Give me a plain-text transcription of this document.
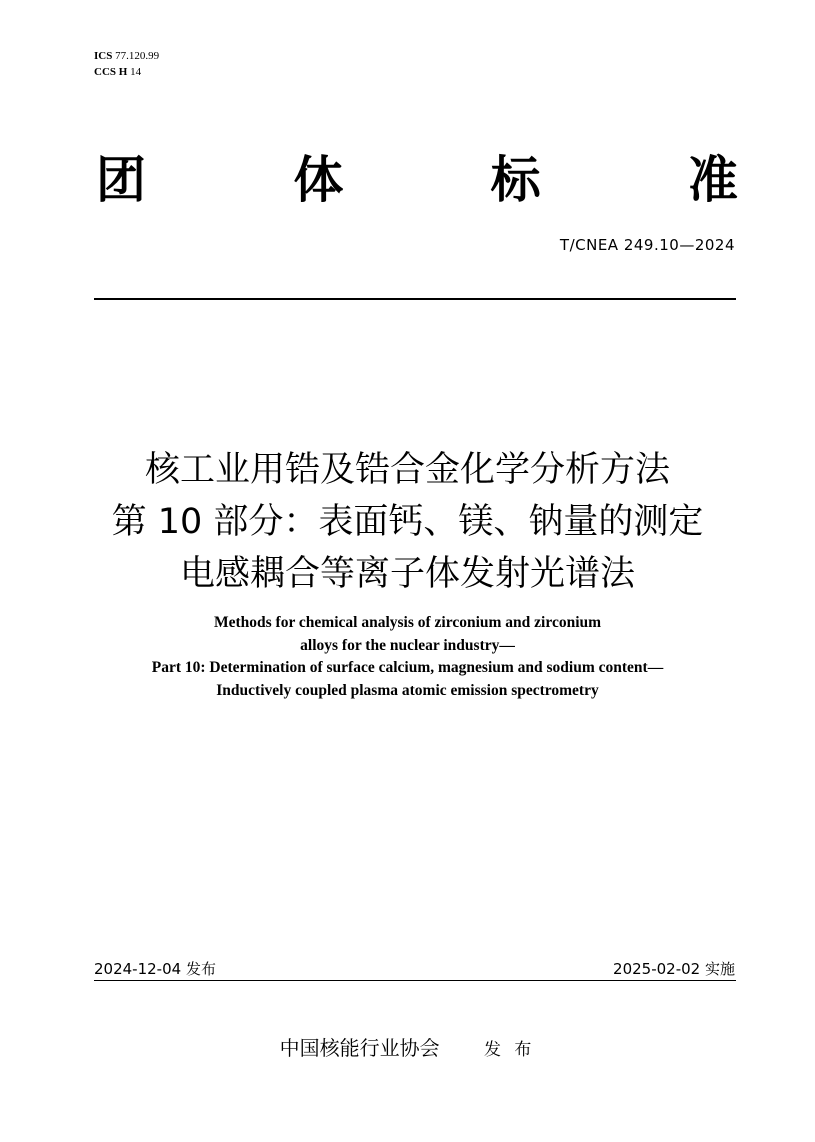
ICS 77.120.99
CCS H 14
团	体	标	准
T/CNEA 249.10—2024
核工业用锆及锆合金化学分析方法
第 10 部分：表面钙、镁、钠量的测定
电感耦合等离子体发射光谱法
Methods for chemical analysis of zirconium and zirconium
alloys for the nuclear industry—
Part 10: Determination of surface calcium, magnesium and sodium content—
Inductively coupled plasma atomic emission spectrometry
2024-12-04 发布	2025-02-02 实施
中国核能行业协会	发 布
